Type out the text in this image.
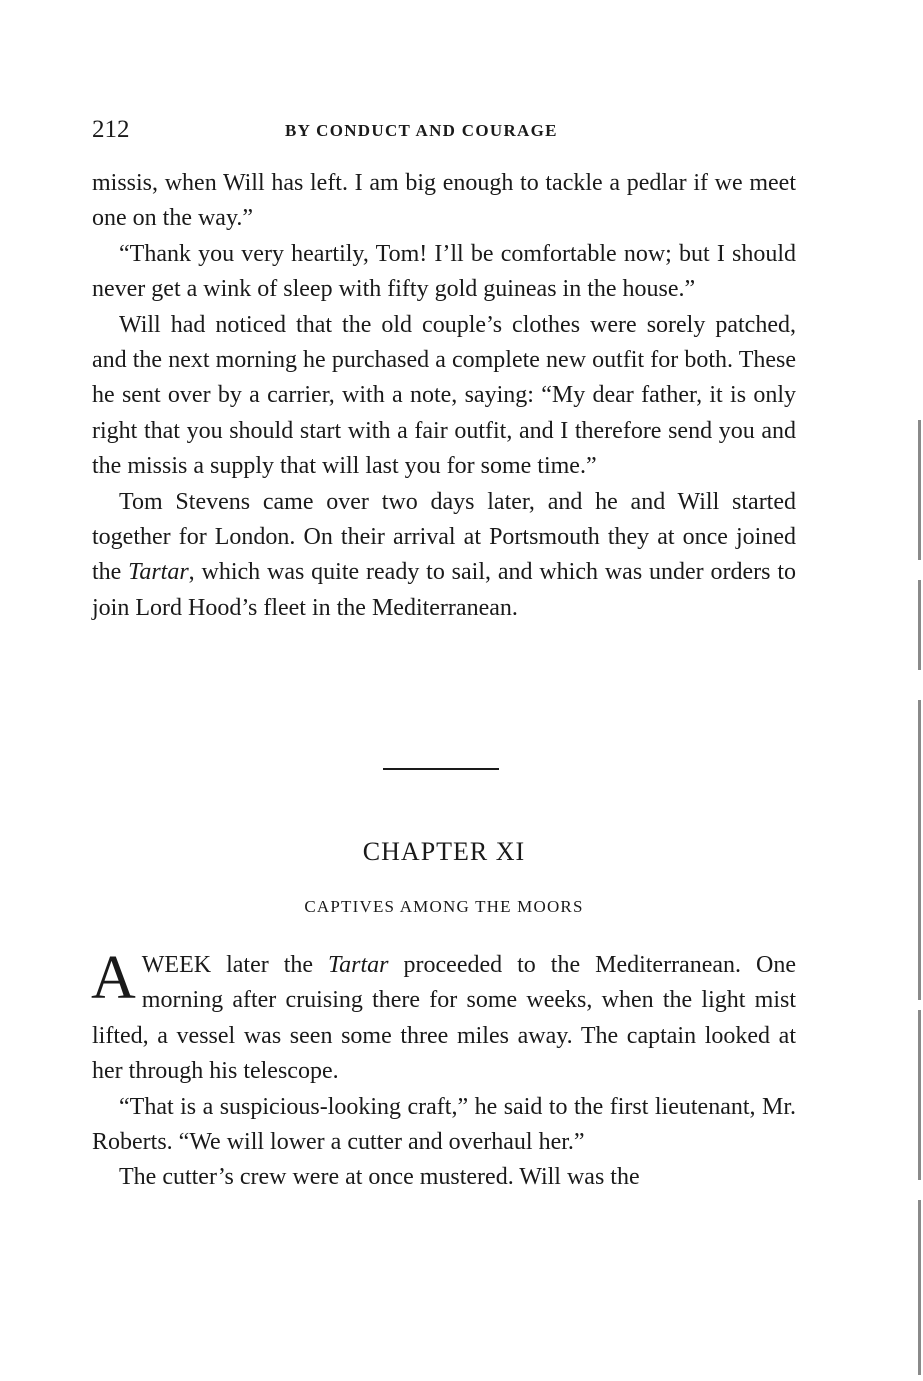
212	BY CONDUCT AND COURAGE

missis, when Will has left. I am big enough to tackle a pedlar if we meet one on the way.”

“Thank you very heartily, Tom! I’ll be comfortable now; but I should never get a wink of sleep with fifty gold guineas in the house.”

Will had noticed that the old couple’s clothes were sorely patched, and the next morning he purchased a complete new outfit for both. These he sent over by a carrier, with a note, saying: “My dear father, it is only right that you should start with a fair outfit, and I therefore send you and the missis a supply that will last you for some time.”

Tom Stevens came over two days later, and he and Will started together for London. On their arrival at Portsmouth they at once joined the Tartar, which was quite ready to sail, and which was under orders to join Lord Hood’s fleet in the Mediterranean.

CHAPTER XI
CAPTIVES AMONG THE MOORS

A WEEK later the Tartar proceeded to the Mediterranean. One morning after cruising there for some weeks, when the light mist lifted, a vessel was seen some three miles away. The captain looked at her through his telescope.

“That is a suspicious-looking craft,” he said to the first lieutenant, Mr. Roberts. “We will lower a cutter and overhaul her.”

The cutter’s crew were at once mustered. Will was the
